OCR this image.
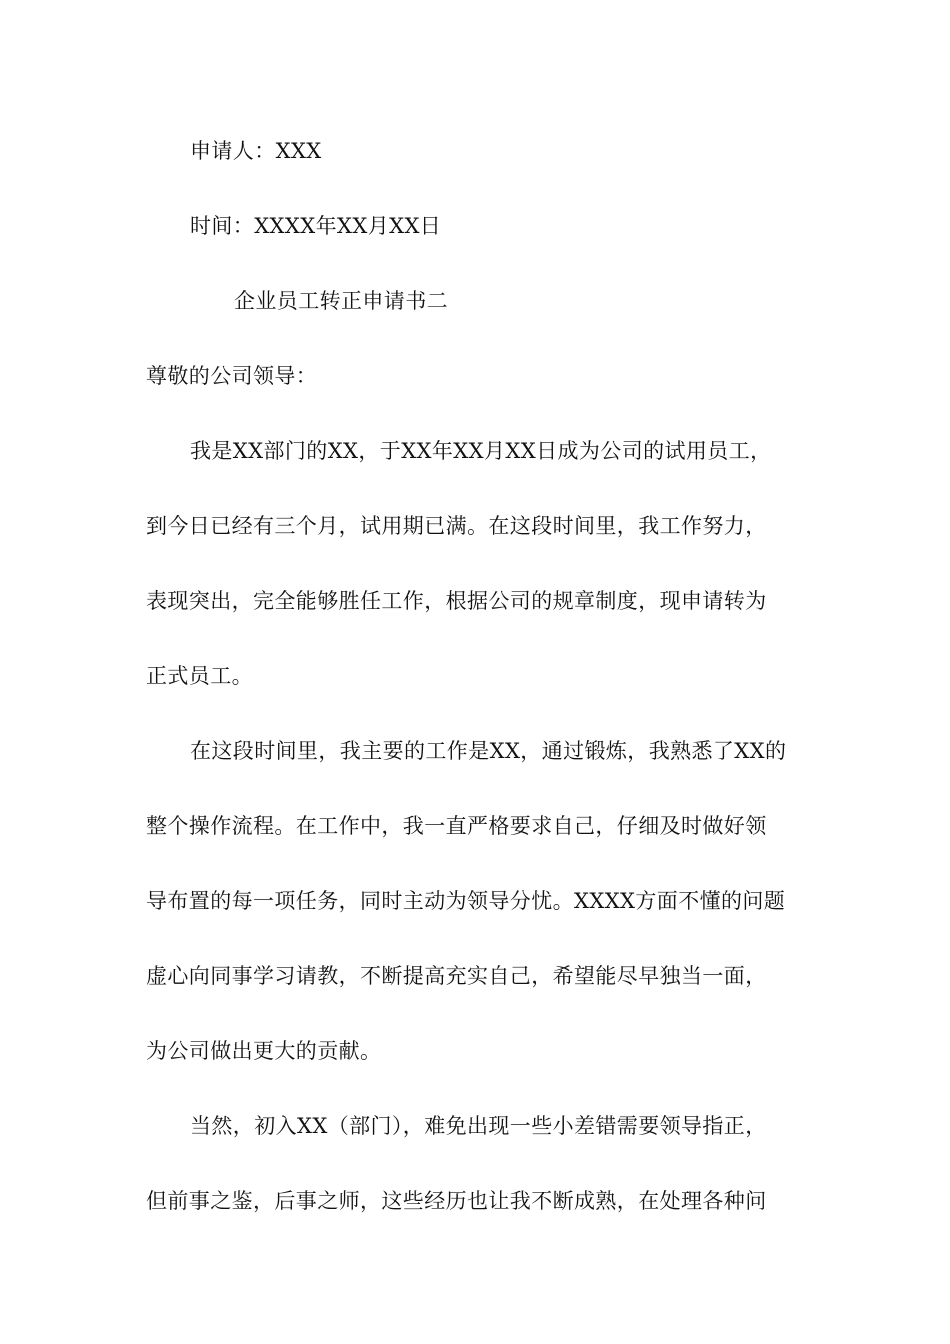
申请人：XXX
时间：XXXX年XX月XX日
企业员工转正申请书二
尊敬的公司领导：
我是XX部门的XX，于XX年XX月XX日成为公司的试用员工，
到今日已经有三个月，试用期已满。在这段时间里，我工作努力，
表现突出，完全能够胜任工作，根据公司的规章制度，现申请转为
正式员工。
在这段时间里，我主要的工作是XX，通过锻炼，我熟悉了XX的
整个操作流程。在工作中，我一直严格要求自己，仔细及时做好领
导布置的每一项任务，同时主动为领导分忧。XXXX方面不懂的问题
虚心向同事学习请教，不断提高充实自己，希望能尽早独当一面，
为公司做出更大的贡献。
当然，初入XX（部门），难免出现一些小差错需要领导指正，
但前事之鉴，后事之师，这些经历也让我不断成熟，在处理各种问
